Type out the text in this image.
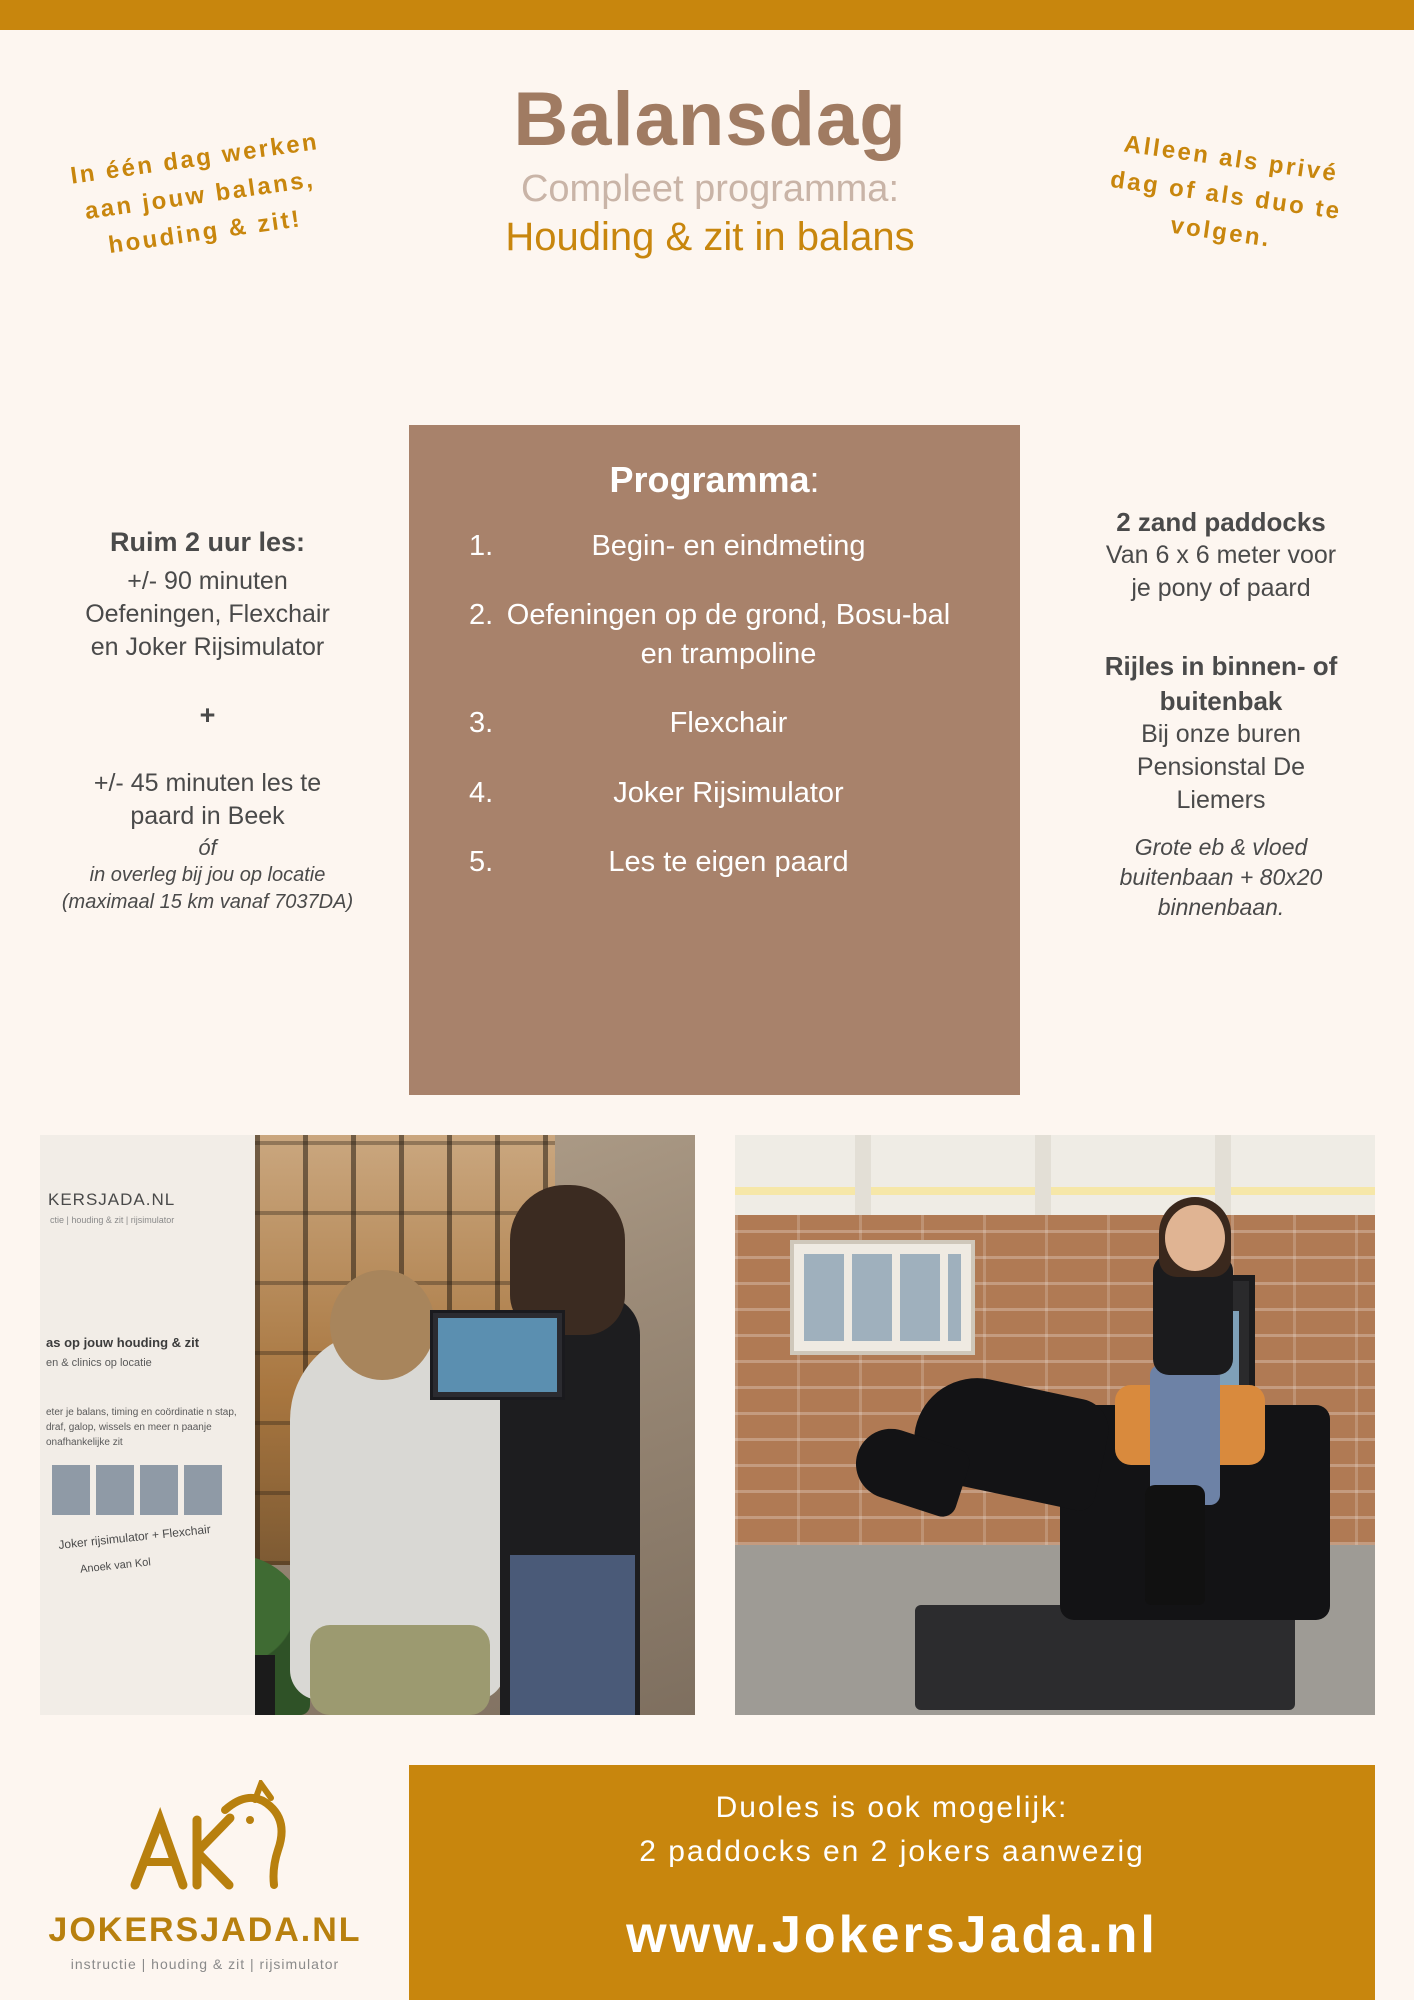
In één dag werken aan jouw balans, houding & zit!
Balansdag
Compleet programma:
Houding & zit in balans
Alleen als privé dag of als duo te volgen.
Ruim 2 uur les:
+/- 90 minuten
Oefeningen, Flexchair
en Joker Rijsimulator
+
+/- 45 minuten les te
paard in Beek
óf
in overleg bij jou op locatie
(maximaal 15 km vanaf 7037DA)
Programma:
1.	Begin- en eindmeting
2. Oefeningen op de grond, Bosu-bal en trampoline
3.	Flexchair
4.	Joker Rijsimulator
5.	Les te eigen paard
2 zand paddocks
Van 6 x 6 meter voor
je pony of paard
Rijles in binnen- of
buitenbak
Bij onze buren
Pensionstal De
Liemers
Grote eb & vloed
buitenbaan + 80x20
binnenbaan.
KERSJADA.NL
ctie | houding & zit | rijsimulator
as op jouw houding & zit
en & clinics op locatie
eter je balans, timing en coördinatie n stap, draf, galop, wissels en meer n paanje onafhankelijke zit
Joker rijsimulator + Flexchair
Anoek van Kol
Duoles is ook mogelijk:
2 paddocks en 2 jokers aanwezig
www.JokersJada.nl
JOKERSJADA.NL
instructie | houding & zit | rijsimulator
